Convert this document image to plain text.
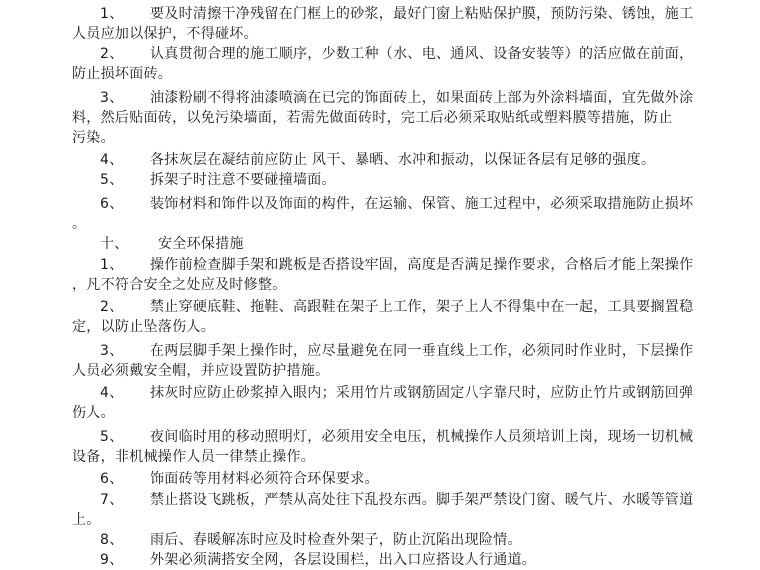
1、 要及时清擦干净残留在门框上的砂浆，最好门窗上粘贴保护膜，预防污染、锈蚀，施工
人员应加以保护，不得碰坏。
2、 认真贯彻合理的施工顺序，少数工种（水、电、通风、设备安装等）的活应做在前面，
防止损坏面砖。
3、 油漆粉刷不得将油漆喷滴在已完的饰面砖上，如果面砖上部为外涂料墙面，宜先做外涂
料，然后贴面砖，以免污染墙面，若需先做面砖时，完工后必须采取贴纸或塑料膜等措施，防止
污染。
4、 各抹灰层在凝结前应防止 风干、暴晒、水冲和振动，以保证各层有足够的强度。
5、 拆架子时注意不要碰撞墙面。
6、 装饰材料和饰件以及饰面的构件，在运输、保管、施工过程中，必须采取措施防止损坏
。
十、 安全环保措施
1、 操作前检查脚手架和跳板是否搭设牢固，高度是否满足操作要求，合格后才能上架操作
，凡不符合安全之处应及时修整。
2、 禁止穿硬底鞋、拖鞋、高跟鞋在架子上工作，架子上人不得集中在一起，工具要搁置稳
定，以防止坠落伤人。
3、 在两层脚手架上操作时，应尽量避免在同一垂直线上工作，必须同时作业时，下层操作
人员必须戴安全帽，并应设置防护措施。
4、 抹灰时应防止砂浆掉入眼内；采用竹片或钢筋固定八字靠尺时，应防止竹片或钢筋回弹
伤人。
5、 夜间临时用的移动照明灯，必须用安全电压，机械操作人员须培训上岗，现场一切机械
设备，非机械操作人员一律禁止操作。
6、 饰面砖等用材料必须符合环保要求。
7、 禁止搭设飞跳板，严禁从高处往下乱投东西。脚手架严禁设门窗、暖气片、水暖等管道
上。
8、 雨后、春暖解冻时应及时检查外架子，防止沉陷出现险情。
9、 外架必须满搭安全网，各层设围栏，出入口应搭设人行通道。
